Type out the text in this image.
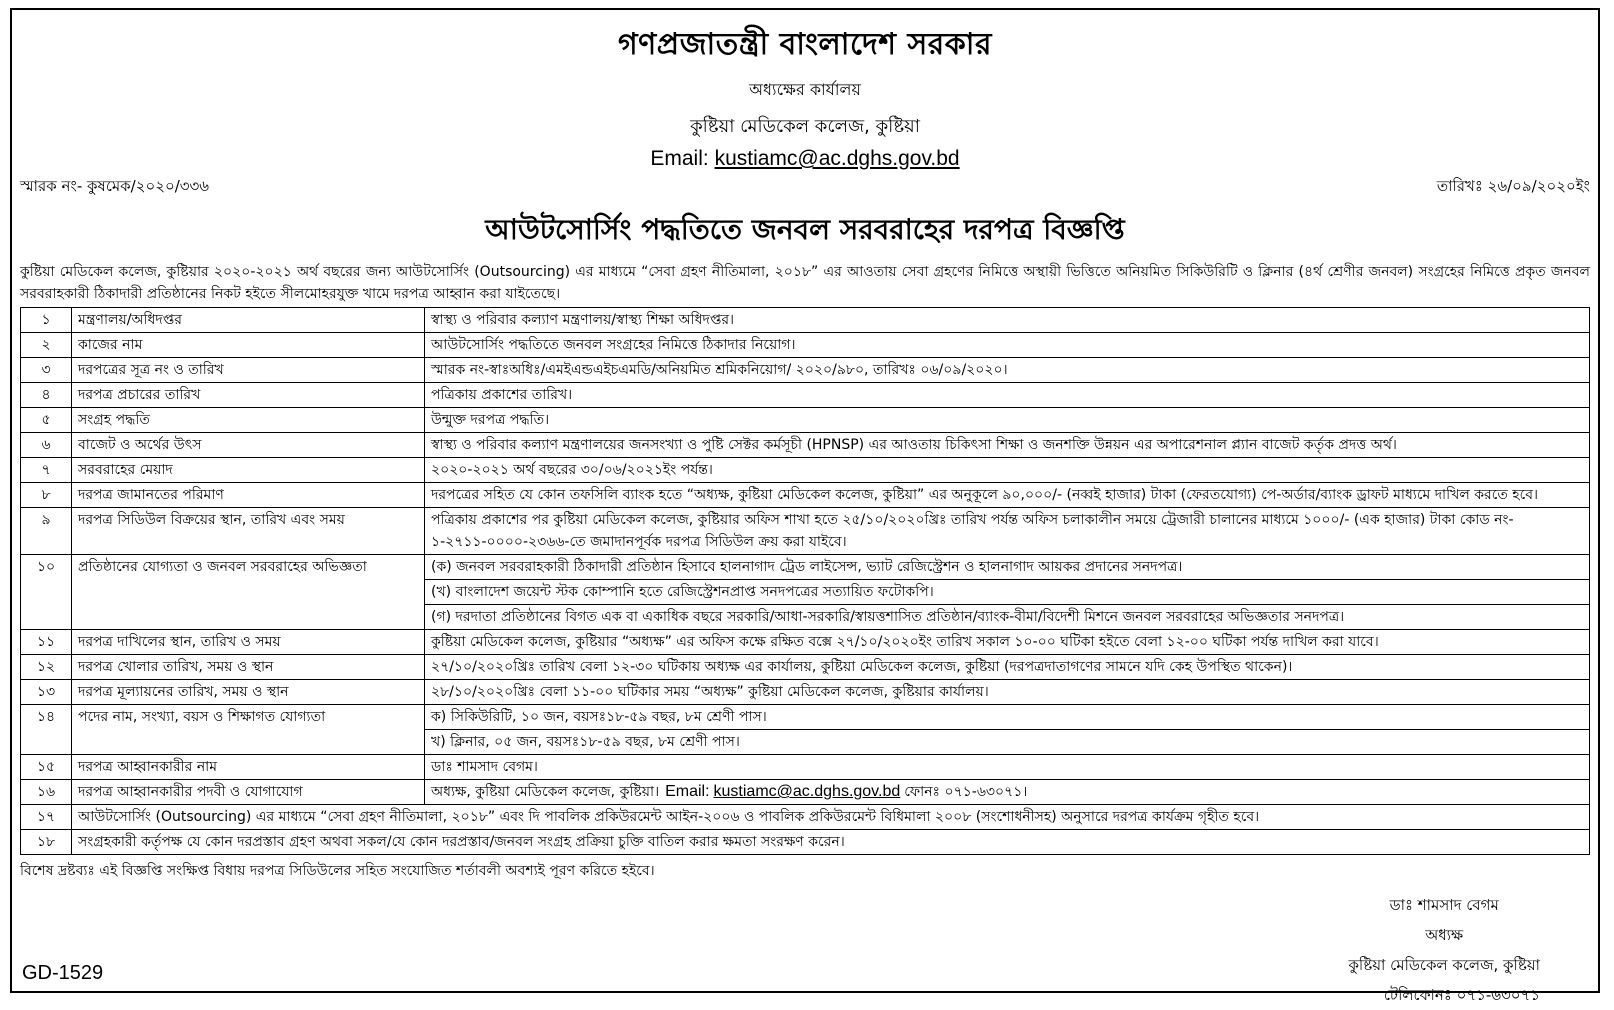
গণপ্রজাতন্ত্রী বাংলাদেশ সরকার
অধ্যক্ষের কার্যালয়
কুষ্টিয়া মেডিকেল কলেজ, কুষ্টিয়া
Email: kustiamc@ac.dghs.gov.bd
স্মারক নং- কুষমেক/২০২০/৩৩৬	তারিখঃ ২৬/০৯/২০২০ইং
আউটসোর্সিং পদ্ধতিতে জনবল সরবরাহের দরপত্র বিজ্ঞপ্তি
কুষ্টিয়া মেডিকেল কলেজ, কুষ্টিয়ার ২০২০-২০২১ অর্থ বছরের জন্য আউটসোর্সিং (Outsourcing) এর মাধ্যমে “সেবা গ্রহণ নীতিমালা, ২০১৮” এর আওতায় সেবা গ্রহণের নিমিত্তে অস্থায়ী ভিত্তিতে অনিয়মিত সিকিউরিটি ও ক্লিনার (৪র্থ শ্রেণীর জনবল) সংগ্রহের নিমিত্তে প্রকৃত জনবল সরবরাহকারী ঠিকাদারী প্রতিষ্ঠানের নিকট হইতে সীলমোহরযুক্ত খামে দরপত্র আহ্বান করা যাইতেছে।
১	মন্ত্রণালয়/অধিদপ্তর	স্বাস্থ্য ও পরিবার কল্যাণ মন্ত্রণালয়/স্বাস্থ্য শিক্ষা অধিদপ্তর।
২	কাজের নাম	আউটসোর্সিং পদ্ধতিতে জনবল সংগ্রহের নিমিত্তে ঠিকাদার নিয়োগ।
৩	দরপত্রের সূত্র নং ও তারিখ	স্মারক নং-স্বাঃঅধিঃ/এমইএন্ডএইচএমডি/অনিয়মিত শ্রমিকনিয়োগ/ ২০২০/৯৮০, তারিখঃ ০৬/০৯/২০২০।
৪	দরপত্র প্রচারের তারিখ	পত্রিকায় প্রকাশের তারিখ।
৫	সংগ্রহ পদ্ধতি	উন্মুক্ত দরপত্র পদ্ধতি।
৬	বাজেট ও অর্থের উৎস	স্বাস্থ্য ও পরিবার কল্যাণ মন্ত্রণালয়ের জনসংখ্যা ও পুষ্টি সেক্টর কর্মসূচী (HPNSP) এর আওতায় চিকিৎসা শিক্ষা ও জনশক্তি উন্নয়ন এর অপারেশনাল প্ল্যান বাজেট কর্তৃক প্রদত্ত অর্থ।
৭	সরবরাহের মেয়াদ	২০২০-২০২১ অর্থ বছরের ৩০/০৬/২০২১ইং পর্যন্ত।
৮	দরপত্র জামানতের পরিমাণ	দরপত্রের সহিত যে কোন তফসিলি ব্যাংক হতে “অধ্যক্ষ, কুষ্টিয়া মেডিকেল কলেজ, কুষ্টিয়া” এর অনুকূলে ৯০,০০০/- (নব্বই হাজার) টাকা (ফেরতযোগ্য) পে-অর্ডার/ব্যাংক ড্রাফট মাধ্যমে দাখিল করতে হবে।
৯	দরপত্র সিডিউল বিক্রয়ের স্থান, তারিখ এবং সময়	পত্রিকায় প্রকাশের পর কুষ্টিয়া মেডিকেল কলেজ, কুষ্টিয়ার অফিস শাখা হতে ২৫/১০/২০২০খ্রিঃ তারিখ পর্যন্ত অফিস চলাকালীন সময়ে ট্রেজারী চালানের মাধ্যমে ১০০০/- (এক হাজার) টাকা কোড নং- ১-২৭১১-০০০০-২৩৬৬-তে জমাদানপূর্বক দরপত্র সিডিউল ক্রয় করা যাইবে।
১০	প্রতিষ্ঠানের যোগ্যতা ও জনবল সরবরাহের অভিজ্ঞতা	(ক) জনবল সরবরাহকারী ঠিকাদারী প্রতিষ্ঠান হিসাবে হালনাগাদ ট্রেড লাইসেন্স, ভ্যাট রেজিস্ট্রেশন ও হালনাগাদ আয়কর প্রদানের সনদপত্র।
		(খ) বাংলাদেশ জয়েন্ট স্টক কোম্পানি হতে রেজিস্ট্রেশনপ্রাপ্ত সনদপত্রের সত্যায়িত ফটোকপি।
		(গ) দরদাতা প্রতিষ্ঠানের বিগত এক বা একাধিক বছরে সরকারি/আধা-সরকারি/স্বায়ত্তশাসিত প্রতিষ্ঠান/ব্যাংক-বীমা/বিদেশী মিশনে জনবল সরবরাহের অভিজ্ঞতার সনদপত্র।
১১	দরপত্র দাখিলের স্থান, তারিখ ও সময়	কুষ্টিয়া মেডিকেল কলেজ, কুষ্টিয়ার “অধ্যক্ষ” এর অফিস কক্ষে রক্ষিত বক্সে ২৭/১০/২০২০ইং তারিখ সকাল ১০-০০ ঘটিকা হইতে বেলা ১২-০০ ঘটিকা পর্যন্ত দাখিল করা যাবে।
১২	দরপত্র খোলার তারিখ, সময় ও স্থান	২৭/১০/২০২০খ্রিঃ তারিখ বেলা ১২-৩০ ঘটিকায় অধ্যক্ষ এর কার্যালয়, কুষ্টিয়া মেডিকেল কলেজ, কুষ্টিয়া (দরপত্রদাতাগণের সামনে যদি কেহ উপস্থিত থাকেন)।
১৩	দরপত্র মূল্যায়নের তারিখ, সময় ও স্থান	২৮/১০/২০২০খ্রিঃ বেলা ১১-০০ ঘটিকার সময় “অধ্যক্ষ” কুষ্টিয়া মেডিকেল কলেজ, কুষ্টিয়ার কার্যালয়।
১৪	পদের নাম, সংখ্যা, বয়স ও শিক্ষাগত যোগ্যতা	ক) সিকিউরিটি, ১০ জন, বয়সঃ১৮-৫৯ বছর, ৮ম শ্রেণী পাস।
		খ) ক্লিনার, ০৫ জন, বয়সঃ১৮-৫৯ বছর, ৮ম শ্রেণী পাস।
১৫	দরপত্র আহ্বানকারীর নাম	ডাঃ শামসাদ বেগম।
১৬	দরপত্র আহ্বানকারীর পদবী ও যোগাযোগ	অধ্যক্ষ, কুষ্টিয়া মেডিকেল কলেজ, কুষ্টিয়া। Email: kustiamc@ac.dghs.gov.bd ফোনঃ ০৭১-৬৩০৭১।
১৭	আউটসোর্সিং (Outsourcing) এর মাধ্যমে “সেবা গ্রহণ নীতিমালা, ২০১৮” এবং দি পাবলিক প্রকিউরমেন্ট আইন-২০০৬ ও পাবলিক প্রকিউরমেন্ট বিধিমালা ২০০৮ (সংশোধনীসহ) অনুসারে দরপত্র কার্যক্রম গৃহীত হবে।	
১৮	সংগ্রহকারী কর্তৃপক্ষ যে কোন দরপ্রস্তাব গ্রহণ অথবা সকল/যে কোন দরপ্রস্তাব/জনবল সংগ্রহ প্রক্রিয়া চুক্তি বাতিল করার ক্ষমতা সংরক্ষণ করেন।	
বিশেষ দ্রষ্টব্যঃ এই বিজ্ঞপ্তি সংক্ষিপ্ত বিধায় দরপত্র সিডিউলের সহিত সংযোজিত শর্তাবলী অবশ্যই পূরণ করিতে হইবে।
ডাঃ শামসাদ বেগম
অধ্যক্ষ
কুষ্টিয়া মেডিকেল কলেজ, কুষ্টিয়া
টেলিফোনঃ ০৭১-৬৩০৭১
GD-1529
